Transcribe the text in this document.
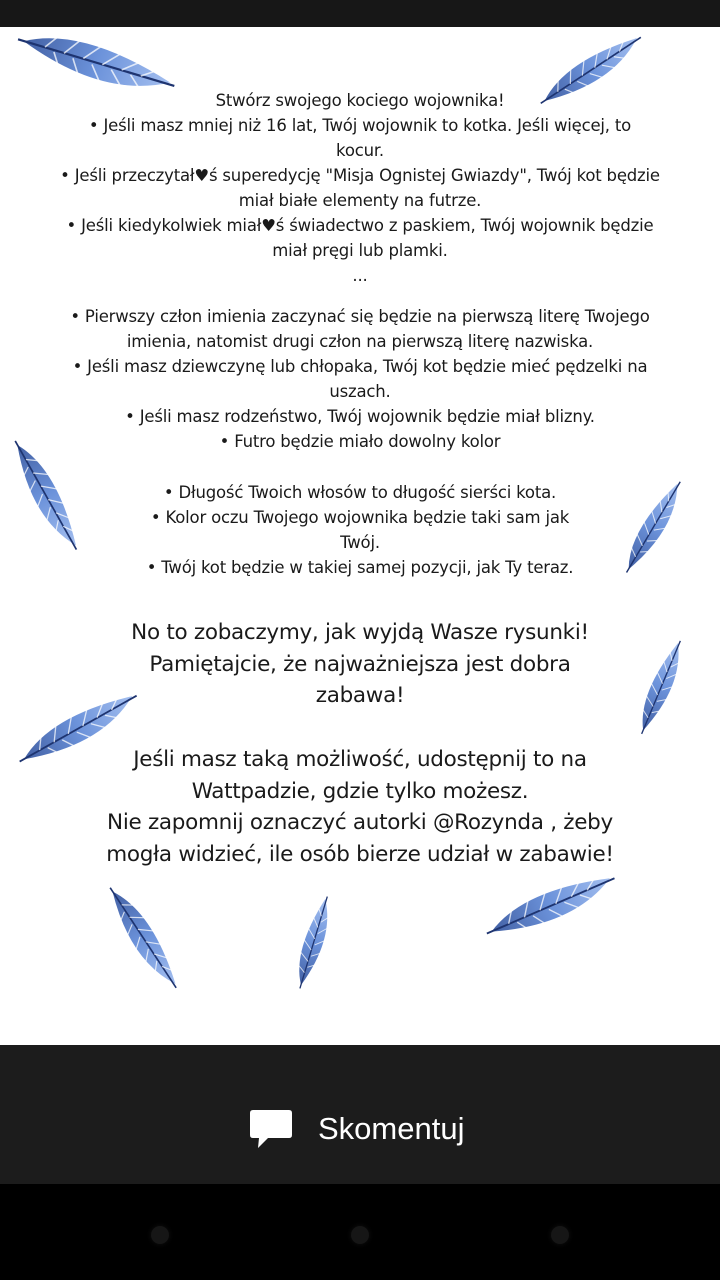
Stwórz swojego kociego wojownika!

• Jeśli masz mniej niż 16 lat, Twój wojownik to kotka. Jeśli więcej, to

kocur.

• Jeśli przeczytał♥ś superedycję "Misja Ognistej Gwiazdy", Twój kot będzie

miał białe elementy na futrze.

• Jeśli kiedykolwiek miał♥ś świadectwo z paskiem, Twój wojownik będzie

miał pręgi lub plamki.

...

• Pierwszy człon imienia zaczynać się będzie na pierwszą literę Twojego

imienia, natomist drugi człon na pierwszą literę nazwiska.

• Jeśli masz dziewczynę lub chłopaka, Twój kot będzie mieć pędzelki na

uszach.

• Jeśli masz rodzeństwo, Twój wojownik będzie miał blizny.

• Futro będzie miało dowolny kolor

• Długość Twoich włosów to długość sierści kota.

• Kolor oczu Twojego wojownika będzie taki sam jak

Twój.

• Twój kot będzie w takiej samej pozycji, jak Ty teraz.

No to zobaczymy, jak wyjdą Wasze rysunki!

Pamiętajcie, że najważniejsza jest dobra

zabawa!

Jeśli masz taką możliwość, udostępnij to na

Wattpadzie, gdzie tylko możesz.

Nie zapomnij oznaczyć autorki @Rozynda , żeby

mogła widzieć, ile osób bierze udział w zabawie!

Skomentuj
